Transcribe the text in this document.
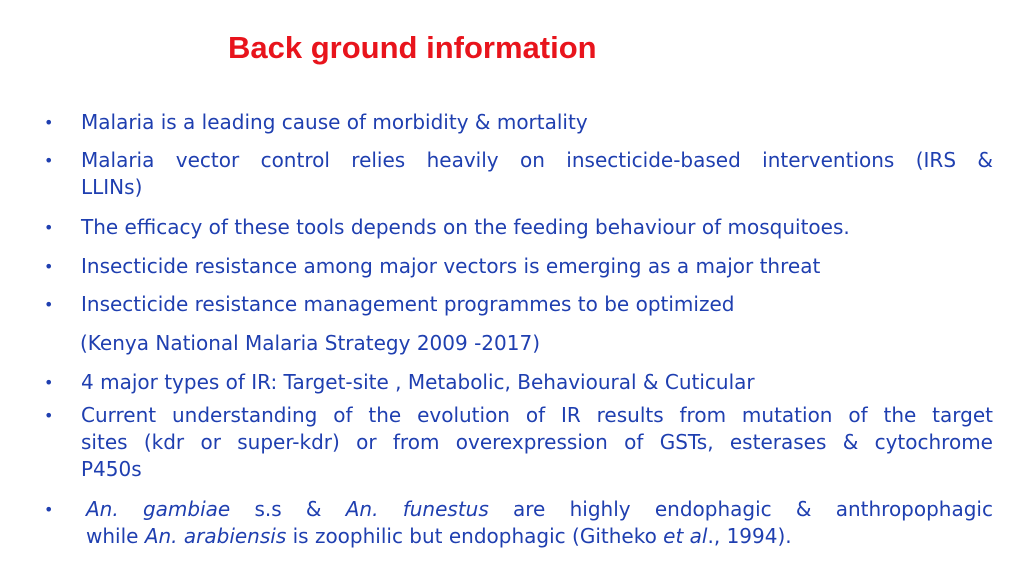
Back ground information
• Malaria is a leading cause of morbidity & mortality
• Malaria vector control relies heavily on insecticide-based interventions (IRS &
LLINs)
• The efficacy of these tools depends on the feeding behaviour of mosquitoes.
• Insecticide resistance among major vectors is emerging as a major threat
• Insecticide resistance management programmes to be optimized
• 4 major types of IR: Target-site , Metabolic, Behavioural & Cuticular
• Current understanding of the evolution of IR results from mutation of the target
sites (kdr or super-kdr) or from overexpression of GSTs, esterases & cytochrome
P450s
• An. gambiae s.s & An. funestus are highly endophagic & anthropophagic
while An. arabiensis is zoophilic but endophagic (Githeko et al., 1994).
(Kenya National Malaria Strategy 2009 -2017)
